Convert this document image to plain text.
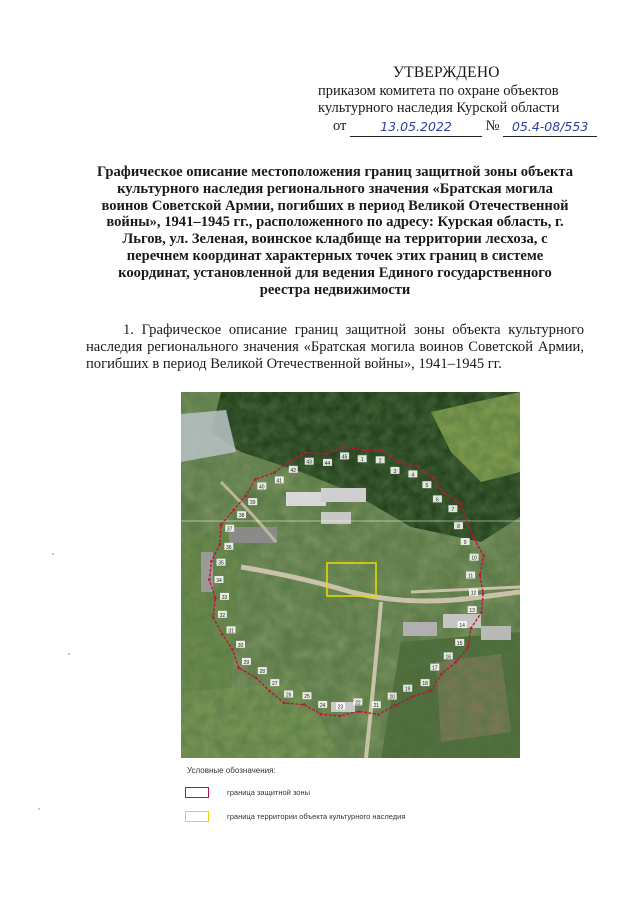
УТВЕРЖДЕНО
приказом комитета по охране объектов
культурного наследия Курской области
от	13.05.2022 № 05.4-08/553
Графическое описание местоположения границ защитной зоны объекта культурного наследия регионального значения «Братская могила воинов Советской Армии, погибших в период Великой Отечественной войны», 1941–1945 гг., расположенного по адресу: Курская область, г. Льгов, ул. Зеленая, воинское кладбище на территории лесхоза, с перечнем координат характерных точек этих границ в системе координат, установленной для ведения Единого государственного реестра недвижимости
1. Графическое описание границ защитной зоны объекта культурного наследия регионального значения «Братская могила воинов Советской Армии, погибших в период Великой Отечественной войны», 1941–1945 гг.
1	2
3
4
5
6
7
8
9
10
11
12
13
14
15
16
17
18
19
20
21
22
23
24
25
26
27
28
29
30
31
32
33
34
35
36
37
38
39
40
41
42
43	44
45
Условные обозначения:
граница защитной зоны
граница территории объекта культурного наследия
